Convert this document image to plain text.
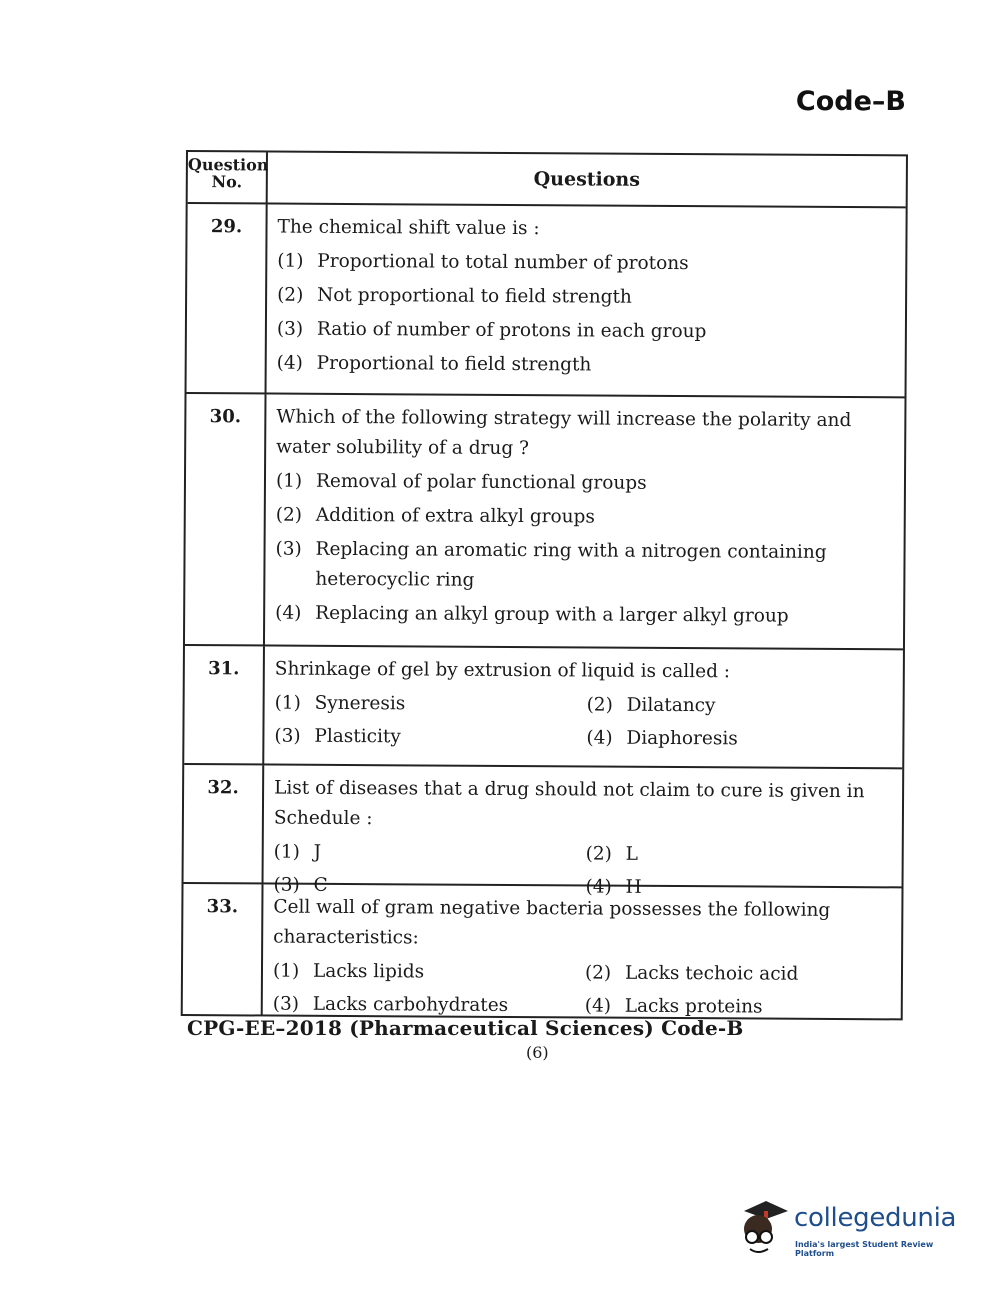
Code–B
Question No.	Questions
29.	The chemical shift value is :

(1) Proportional to total number of protons
(2) Not proportional to field strength
(3) Ratio of number of protons in each group
(4) Proportional to field strength
30.	Which of the following strategy will increase the polarity and water solubility of a drug ?

(1) Removal of polar functional groups
(2) Addition of extra alkyl groups
(3) Replacing an aromatic ring with a nitrogen containing heterocyclic ring
(4) Replacing an alkyl group with a larger alkyl group
31.	Shrinkage of gel by extrusion of liquid is called :

(1) Syneresis	(2) Dilatancy
(3) Plasticity	(4) Diaphoresis
32.	List of diseases that a drug should not claim to cure is given in Schedule :

(1) J	(2) L
(3) C	(4) H
33.	Cell wall of gram negative bacteria possesses the following characteristics:

(1) Lacks lipids	(2) Lacks techoic acid
(3) Lacks carbohydrates	(4) Lacks proteins
CPG-EE–2018 (Pharmaceutical Sciences) Code-B
(6)
collegedunia
India's largest Student Review Platform
